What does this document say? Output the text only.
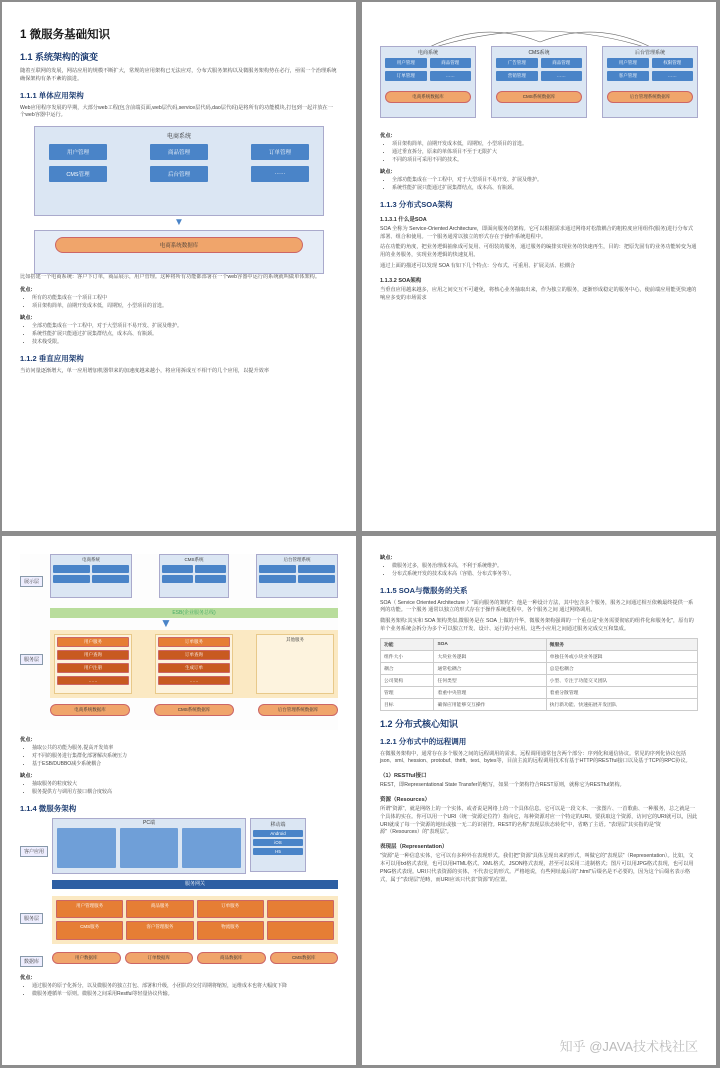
1 微服务基础知识
1.1 系统架构的演变

随着互联网的发展，网站应用的规模不断扩大，常规的应用架构已无法应对，分布式服务架构以及微服务架构势在必行，亟需一个治理系统确保架构有条不紊的演进。

1.1.1 单体应用架构

Web应用程序发展的早期，大部分web工程(包含前端页面,web层代码,service层代码,dao层代码)是将所有的功能模块,打包到一起并放在一个web容器中运行。

电商系统
用户管理	商品管理	订单管理
CMS管理	后台管理	……
▼
电商系统数据库

比如搭建一个电商系统：客户下订单，商品展示，用户管理。这种将所有功能都部署在一个web容器中运行的系统就叫做单体架构。

优点：
• 所有的功能集成在一个项目工程中
• 项目架构简单，前期开发成本低，周期短，小型项目的首选。
缺点：
• 全部功能集成在一个工程中，对于大型项目不易开发、扩展及维护。
• 系统性能扩展只能通过扩展集群结点，成本高、有瓶颈。
• 技术栈受限。
1.1.2 垂直应用架构

当访问量逐渐增大，单一应用增加机器带来的加速度越来越小，将应用拆成互不相干的几个应用，以提升效率

电商系统
用户管理	商品管理
订单管理	……
电商系统数据库
CMS系统
广告管理	商品管理
营销管理	……
CMS系统数据库
后台管理系统
用户管理	权限管理
客户管理	……
后台管理系统数据库
优点：
• 项目架构简单，前期开发成本低，周期短，小型项目的首选。
• 通过垂直拆分，原来的单体项目不至于无限扩大
• 不同的项目可采用不同的技术。
缺点：
• 全部功能集成在一个工程中，对于大型项目不易开发、扩展及维护。
• 系统性能扩展只能通过扩展集群结点，成本高、有瓶颈。
1.1.3 分布式SOA架构
1.1.3.1 什么是SOA

SOA 全称为 Service-Oriented Architecture，即面向服务的架构。它可以根据需求通过网络对松散耦合的粗粒度应用组件(服务)进行分布式部署、组合和使用。一个服务通常以独立的形式存在于操作系统进程中。

站在功能的角度，把业务逻辑抽象成可复用、可组装的服务，通过服务的编排实现业务的快速再生，目的：把原先固有的业务功能转变为通用的业务服务，实现业务逻辑的快速复用。

通过上面的描述可以发现 SOA 有如下几个特点：分布式、可重用、扩展灵活、松耦合

1.1.3.2 SOA架构

当垂直应用越来越多，应用之间交互不可避免，将核心业务抽取出来，作为独立的服务，逐渐形成稳定的服务中心，使前端应用能更快速的响应多变的市场需求

展示层
服务层
电商系统	CMS系统	后台管理系统
ESB(企业服务总线)
▼
用户服务
用户查询
用户注册
……
订单服务
订单查询
生成订单
……
其他服务
电商系统数据库	CMS系统数据库	后台管理系统数据库
优点：
• 抽取公共的功能为服务,提高开发效率
• 对不同的服务进行集群化部署解决系统压力
• 基于ESB/DUBBO减少系统耦合
缺点：
• 抽取服务的粒度较大
• 服务提供方与调用方接口耦合度较高
1.1.4 微服务架构
客户应用
服务层
数据库
PC端	移动端
Android
iOS
H5
服务网关
用户管理服务	商品服务	订单服务
CMS服务	客户管理服务	物流服务
用户数据库	订单数据库	商品数据库	CMS数据库
优点：
• 通过服务的原子化拆分，以及微服务的独立打包、部署和升级，小团队的交付周期将缩短，运维成本也将大幅度下降
• 微服务遵循单一原则。微服务之间采用Restful等轻量协议传输。
缺点：
• 微服务过多，服务治理成本高，不利于系统维护。
• 分布式系统开发的技术成本高（容错、分布式事务等）。
1.1.5 SOA与微服务的关系

SOA（ Service Oriented Architecture ）"面向服务的架构"：他是一种设计方法，其中包含多个服务，服务之间通过相互依赖最终提供一系列的功能。一个服务 通常以独立的形式存在于操作系统进程中。各个服务之间 通过网络调用。

微服务架构:其实和 SOA 架构类似,微服务是在 SOA 上做的升华，微服务架构强调的一个重点是"业务需要彻底的组件化和服务化"，原有的单个业务系统会拆分为多个可以独立开发、设计、运行的小应用。这些小应用之间通过服务完成交互和集成。

功能	SOA	微服务
组件大小	大块业务逻辑	单独任务或小块业务逻辑
耦合	通常松耦合	总是松耦合
公司架构	任何类型	小型、专注于功能交叉团队
管理	着重中央管理	着重分散管理
目标	确保应用能够交互操作	执行新功能、快速拓展开发团队
1.2 分布式核心知识
1.2.1 分布式中的远程调用

在微服务架构中，通常存在多个服务之间的远程调用的需求。远程调用通常包含两个部分：序列化和通信协议。常见的序列化协议包括json、xml、hession、protobuf、thrift、text、bytes等，目前主流的远程调用技术有基于HTTP的RESTful接口以及基于TCP的RPC协议。

（1）RESTful接口

REST，即Representational State Transfer的缩写，如果一个架构符合REST原则，就称它为RESTful架构。

资源（Resources）

所谓"资源"，就是网络上的一个实体，或者说是网络上的一个具体信息。它可以是一段文本、一张图片、一首歌曲、一种服务，总之就是一个具体的实在。你可以用一个URI（统一资源定位符）指向它，每种资源对应一个特定的URI。要获取这个资源，访问它的URI就可以，因此URI就成了每一个资源的地址或独一无二的识别符。REST的名称"表现层状态转化"中，省略了主语。"表现层"其实指的是"资源"（Resources）的"表现层"。

表现层（Representation）

"资源"是一种信息实体，它可以有多种外在表现形式。我们把"资源"具体呈现出来的形式，叫做它的"表现层"（Representation）。比如，文本可以用txt格式表现，也可以用HTML格式、XML格式、JSON格式表现，甚至可以采用二进制格式；图片可以用JPG格式表现，也可以用PNG格式表现。URI只代表资源的实体，不代表它的形式。严格地说，有些网址最后的".html"后缀名是不必要的，因为这个后缀名表示格式，属于"表现层"范畴，而URI应该只代表"资源"的位置。

知乎 @JAVA技术栈社区
